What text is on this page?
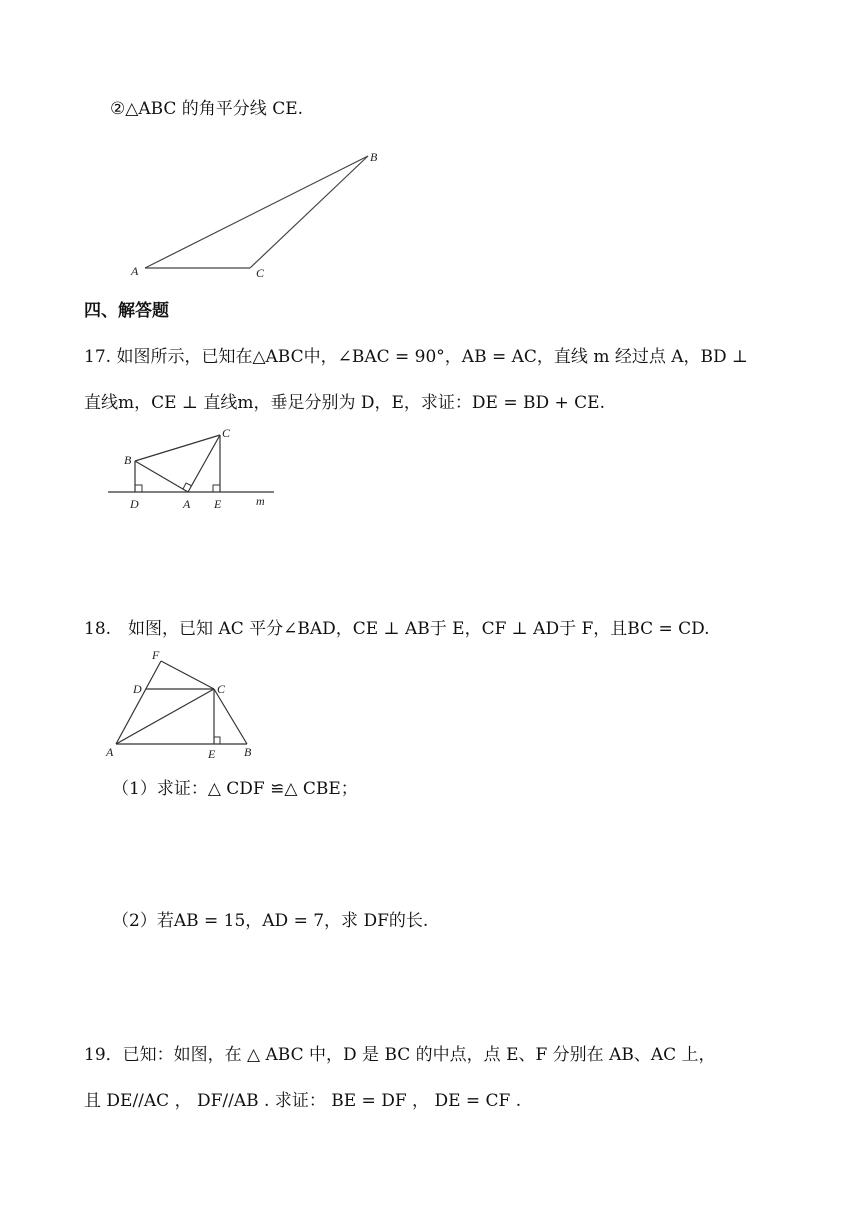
②△ABC 的角平分线 CE.
A
B
C
四、解答题
17. 如图所示，已知在△ABC中，∠BAC = 90°，AB = AC，直线 m 经过点 A，BD ⊥
直线m，CE ⊥ 直线m，垂足分别为 D，E，求证：DE = BD + CE.
B
C
D	A E	m
18.　如图，已知 AC 平分∠BAD，CE ⊥ AB于 E，CF ⊥ AD于 F，且BC = CD.
F
D	C
A	E B
（1）求证：△ CDF ≌△ CBE；
（2）若AB = 15，AD = 7，求 DF的长.
19．已知：如图，在 △ ABC 中，D 是 BC 的中点，点 E、F 分别在 AB、AC 上，
且 DE//AC ， DF//AB . 求证： BE = DF ， DE = CF .
